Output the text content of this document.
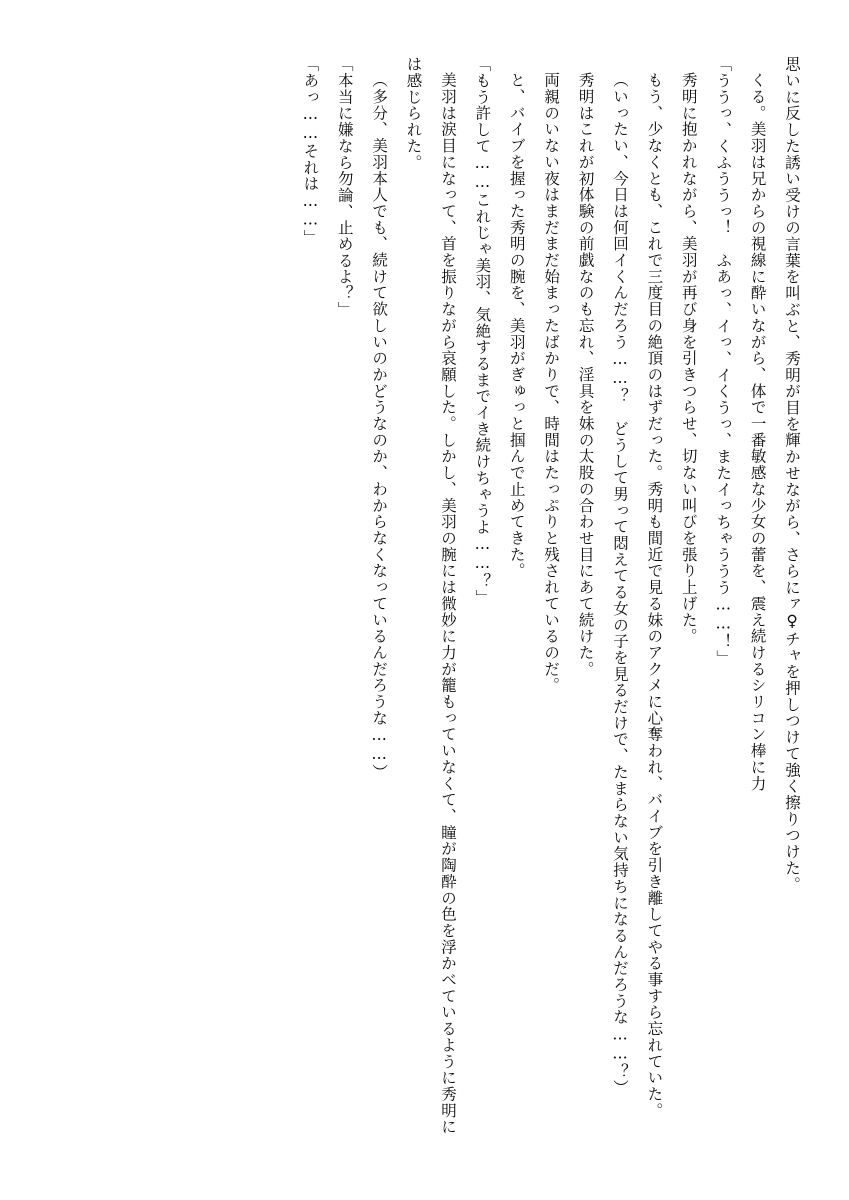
思いに反した誘い受けの言葉を叫ぶと、秀明が目を輝かせながら、さらにァ♀チャを押しつけて強く擦りつけた。
くる。美羽は兄からの視線に酔いながら、体で一番敏感な少女の蕾を、震え続けるシリコン棒に力
「ううっ、くふううっ！　ふあっ、イっ、イくうっ、またイっちゃううう……！」
秀明に抱かれながら、美羽が再び身を引きつらせ、切ない叫びを張り上げた。
もう、少なくとも、これで三度目の絶頂のはずだった。秀明も間近で見る妹のアクメに心奪われ、バイブを引き離してやる事すら忘れていた。
（いったい、今日は何回イくんだろう……？　どうして男って悶えてる女の子を見るだけで、たまらない気持ちになるんだろうな……？）
秀明はこれが初体験の前戯なのも忘れ、淫具を妹の太股の合わせ目にあて続けた。
両親のいない夜はまだまだ始まったばかりで、時間はたっぷりと残されているのだ。
と、バイブを握った秀明の腕を、美羽がぎゅっと掴んで止めてきた。
「もう許して……これじゃ美羽、気絶するまでイき続けちゃうよ……？」
美羽は涙目になって、首を振りながら哀願した。しかし、美羽の腕には微妙に力が籠もっていなくて、瞳が陶酔の色を浮かべているように秀明には感じられた。
（多分、美羽本人でも、続けて欲しいのかどうなのか、わからなくなっているんだろうな……）
「本当に嫌なら勿論、止めるよ？」
「あっ……それは……」
